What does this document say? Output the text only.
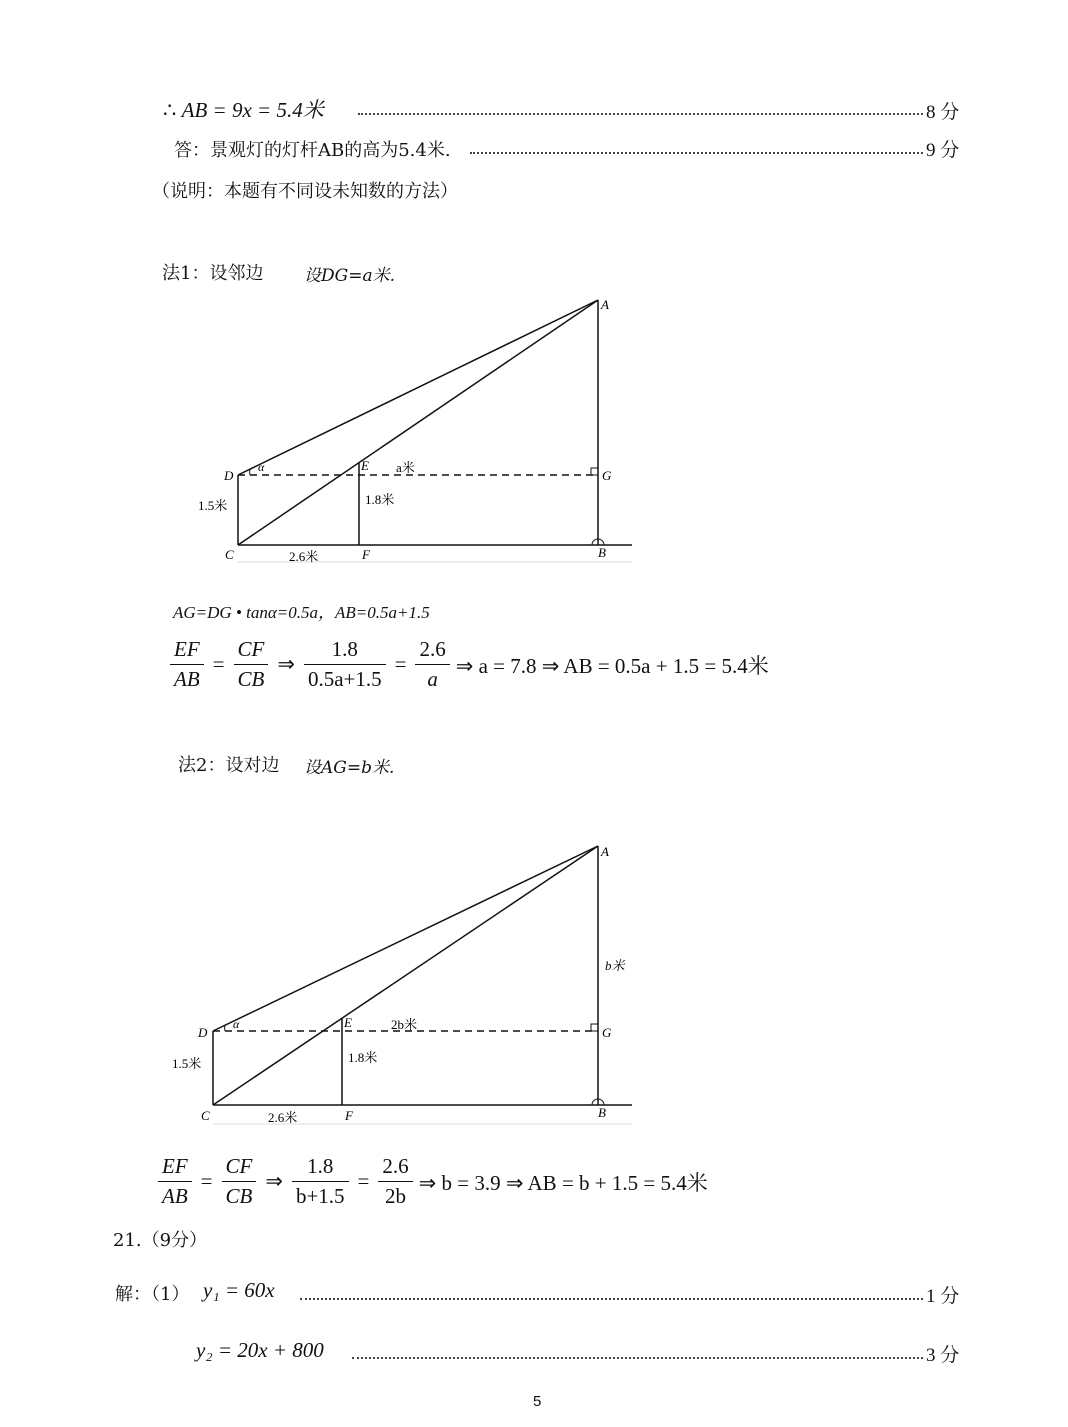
∴ AB = 9x = 5.4米	8 分
答：景观灯的灯杆AB的高为5.4米.	9 分
（说明：本题有不同设未知数的方法）
法1：设邻边 设DG=a米.
A
D
α	E a米
G
1.5米	1.8米
C	2.6米	F	B
A
b米
D
α	E	2b米
G
1.5米	1.8米
C	2.6米	F	B
AG=DG • tanα=0.5a，AB=0.5a+1.5
$\frac{EF}{AB} = \frac{CF}{CB}$ ⇒ $\frac{1.8}{0.5a+1.5} = \frac{2.6}{a}$ ⇒ a = 7.8 ⇒ AB = 0.5a + 1.5 = 5.4米
法2：设对边 设AG=b米.
$\frac{EF}{AB} = \frac{CF}{CB}$ ⇒ $\frac{1.8}{b+1.5} = \frac{2.6}{2b}$ ⇒ b = 3.9 ⇒ AB = b + 1.5 = 5.4米
21.（9分）
解：（1） y₁ = 60x	1 分
y₂ = 20x + 800	3 分
5
